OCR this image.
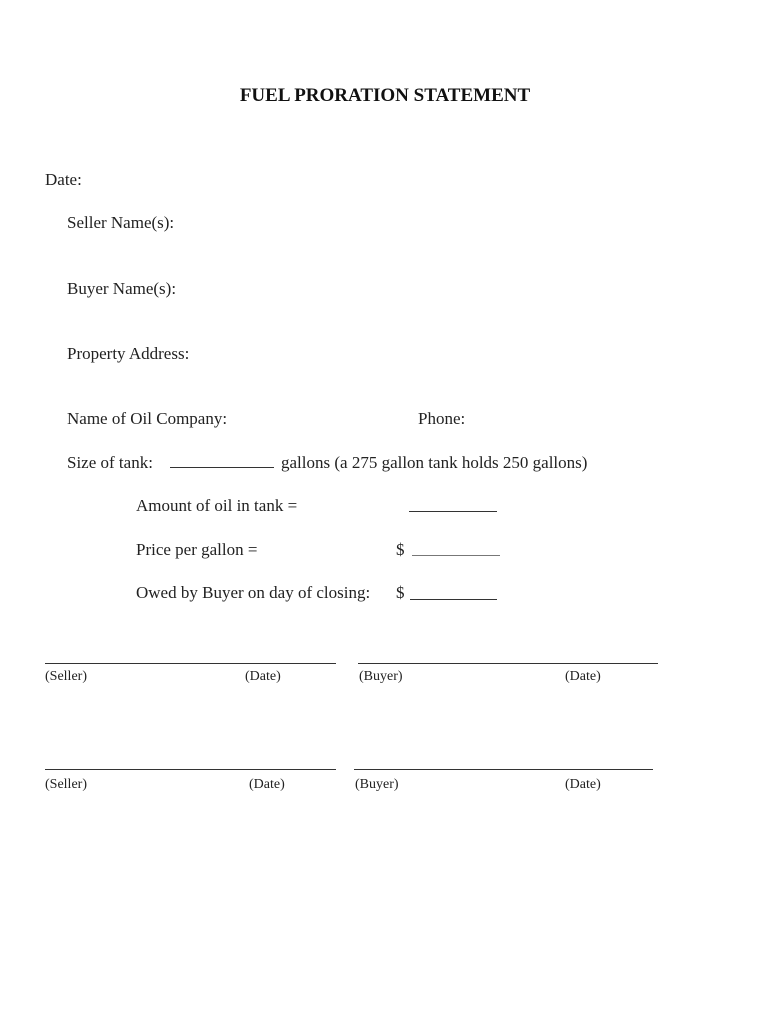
FUEL PRORATION STATEMENT
Date:
Seller Name(s):
Buyer Name(s):
Property Address:
Name of Oil Company:	Phone:
Size of tank:	gallons (a 275 gallon tank holds 250 gallons)
Amount of oil in tank =
Price per gallon =	$
Owed by Buyer on day of closing: $
(Seller)	(Date)	(Buyer)	(Date)
(Seller)	(Date)	(Buyer)	(Date)
